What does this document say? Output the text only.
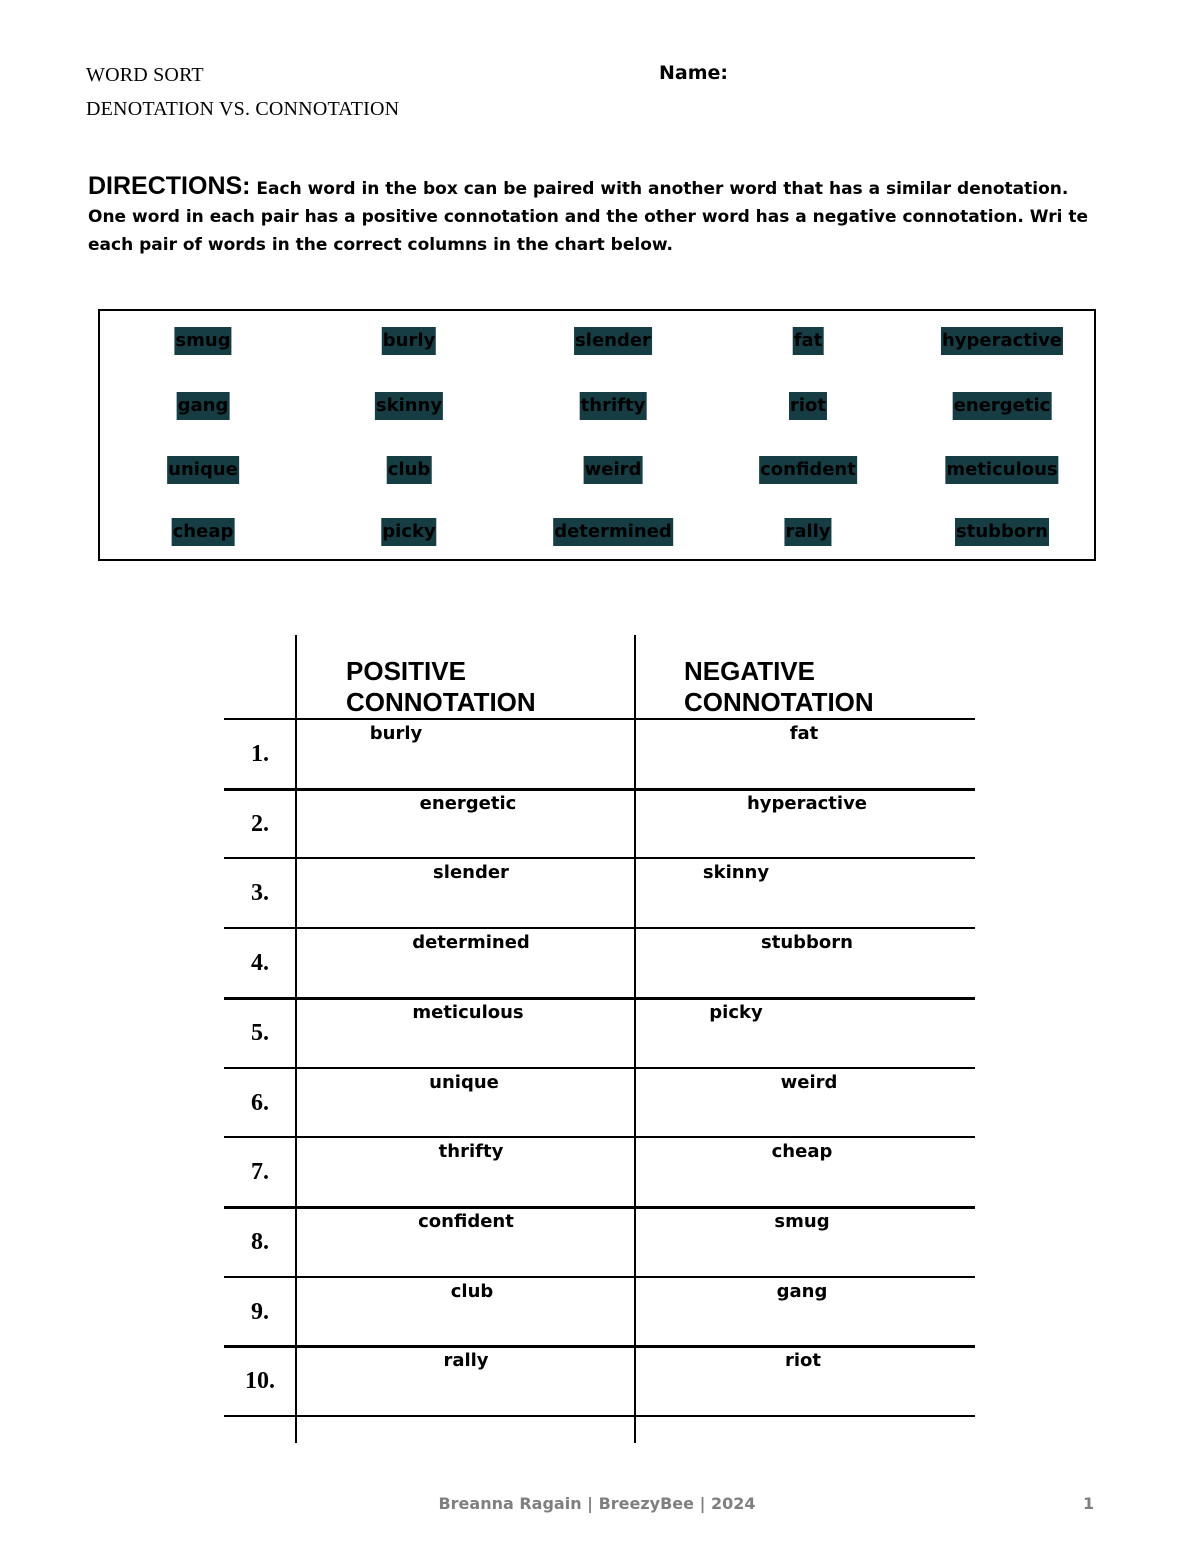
WORD SORT
DENOTATION VS. CONNOTATION
Name:
DIRECTIONS: Each word in the box can be paired with another word that has a similar denotation. One word in each pair has a positive connotation and the other word has a negative connotation. Wri te each pair of words in the correct columns in the chart below.
smug	burly	slender	fat	hyperactive
gang	skinny	thrifty	riot	energetic
unique	club	weird	confident	meticulous
cheap	picky	determined	rally	stubborn
POSITIVE
CONNOTATION
NEGATIVE
CONNOTATION
1.
burly	fat
2.
energetic	hyperactive
3.
slender	skinny
4.
determined	stubborn
5.
meticulous	picky
6.
unique	weird
7.
thrifty	cheap
8.
confident	smug
9.
club	gang
10.
rally	riot
Breanna Ragain | BreezyBee | 2024	1
